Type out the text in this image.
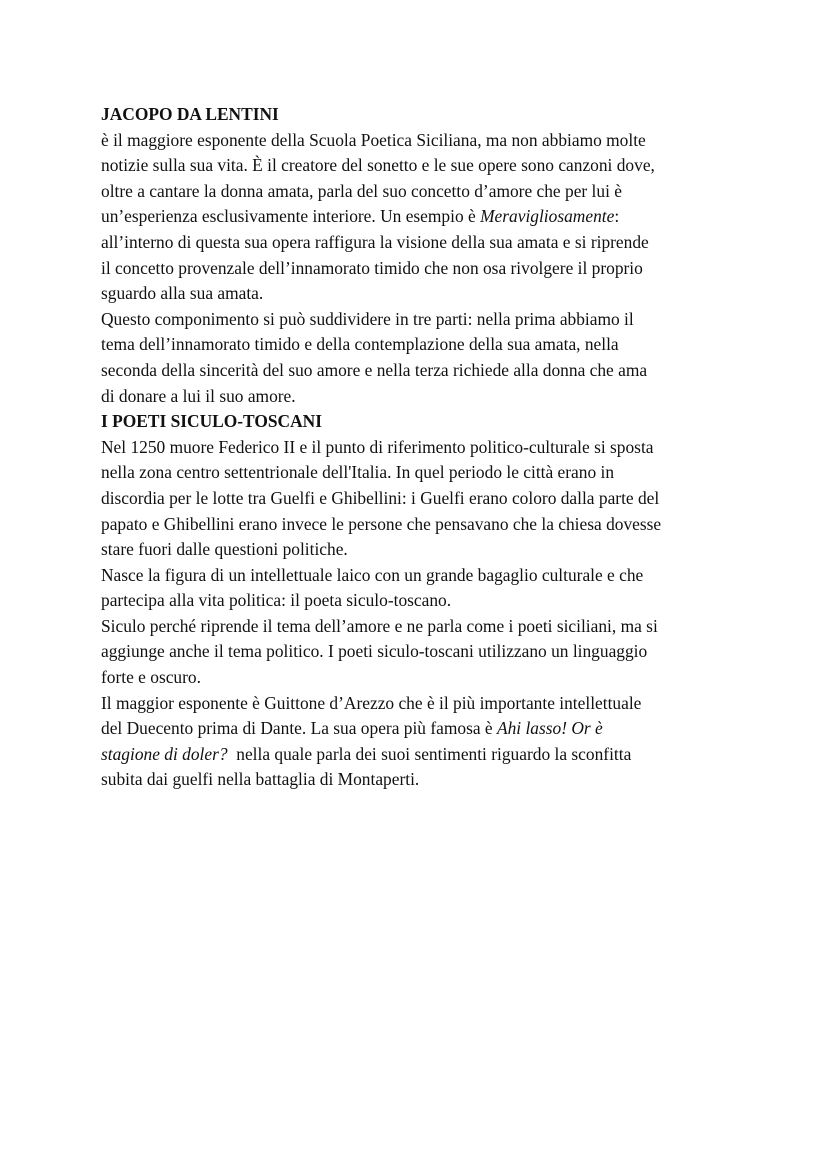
JACOPO DA LENTINI

è il maggiore esponente della Scuola Poetica Siciliana, ma non abbiamo molte
notizie sulla sua vita. È il creatore del sonetto e le sue opere sono canzoni dove,
oltre a cantare la donna amata, parla del suo concetto d’amore che per lui è
un’esperienza esclusivamente interiore. Un esempio è Meravigliosamente:
all’interno di questa sua opera raffigura la visione della sua amata e si riprende
il concetto provenzale dell’innamorato timido che non osa rivolgere il proprio
sguardo alla sua amata.

Questo componimento si può suddividere in tre parti: nella prima abbiamo il
tema dell’innamorato timido e della contemplazione della sua amata, nella
seconda della sincerità del suo amore e nella terza richiede alla donna che ama
di donare a lui il suo amore.

I POETI SICULO-TOSCANI

Nel 1250 muore Federico II e il punto di riferimento politico-culturale si sposta
nella zona centro settentrionale dell'Italia. In quel periodo le città erano in
discordia per le lotte tra Guelfi e Ghibellini: i Guelfi erano coloro dalla parte del
papato e Ghibellini erano invece le persone che pensavano che la chiesa dovesse
stare fuori dalle questioni politiche.

Nasce la figura di un intellettuale laico con un grande bagaglio culturale e che
partecipa alla vita politica: il poeta siculo-toscano.

Siculo perché riprende il tema dell’amore e ne parla come i poeti siciliani, ma si
aggiunge anche il tema politico. I poeti siculo-toscani utilizzano un linguaggio
forte e oscuro.

Il maggior esponente è Guittone d’Arezzo che è il più importante intellettuale
del Duecento prima di Dante. La sua opera più famosa è Ahi lasso! Or è
stagione di doler?  nella quale parla dei suoi sentimenti riguardo la sconfitta
subita dai guelfi nella battaglia di Montaperti.
